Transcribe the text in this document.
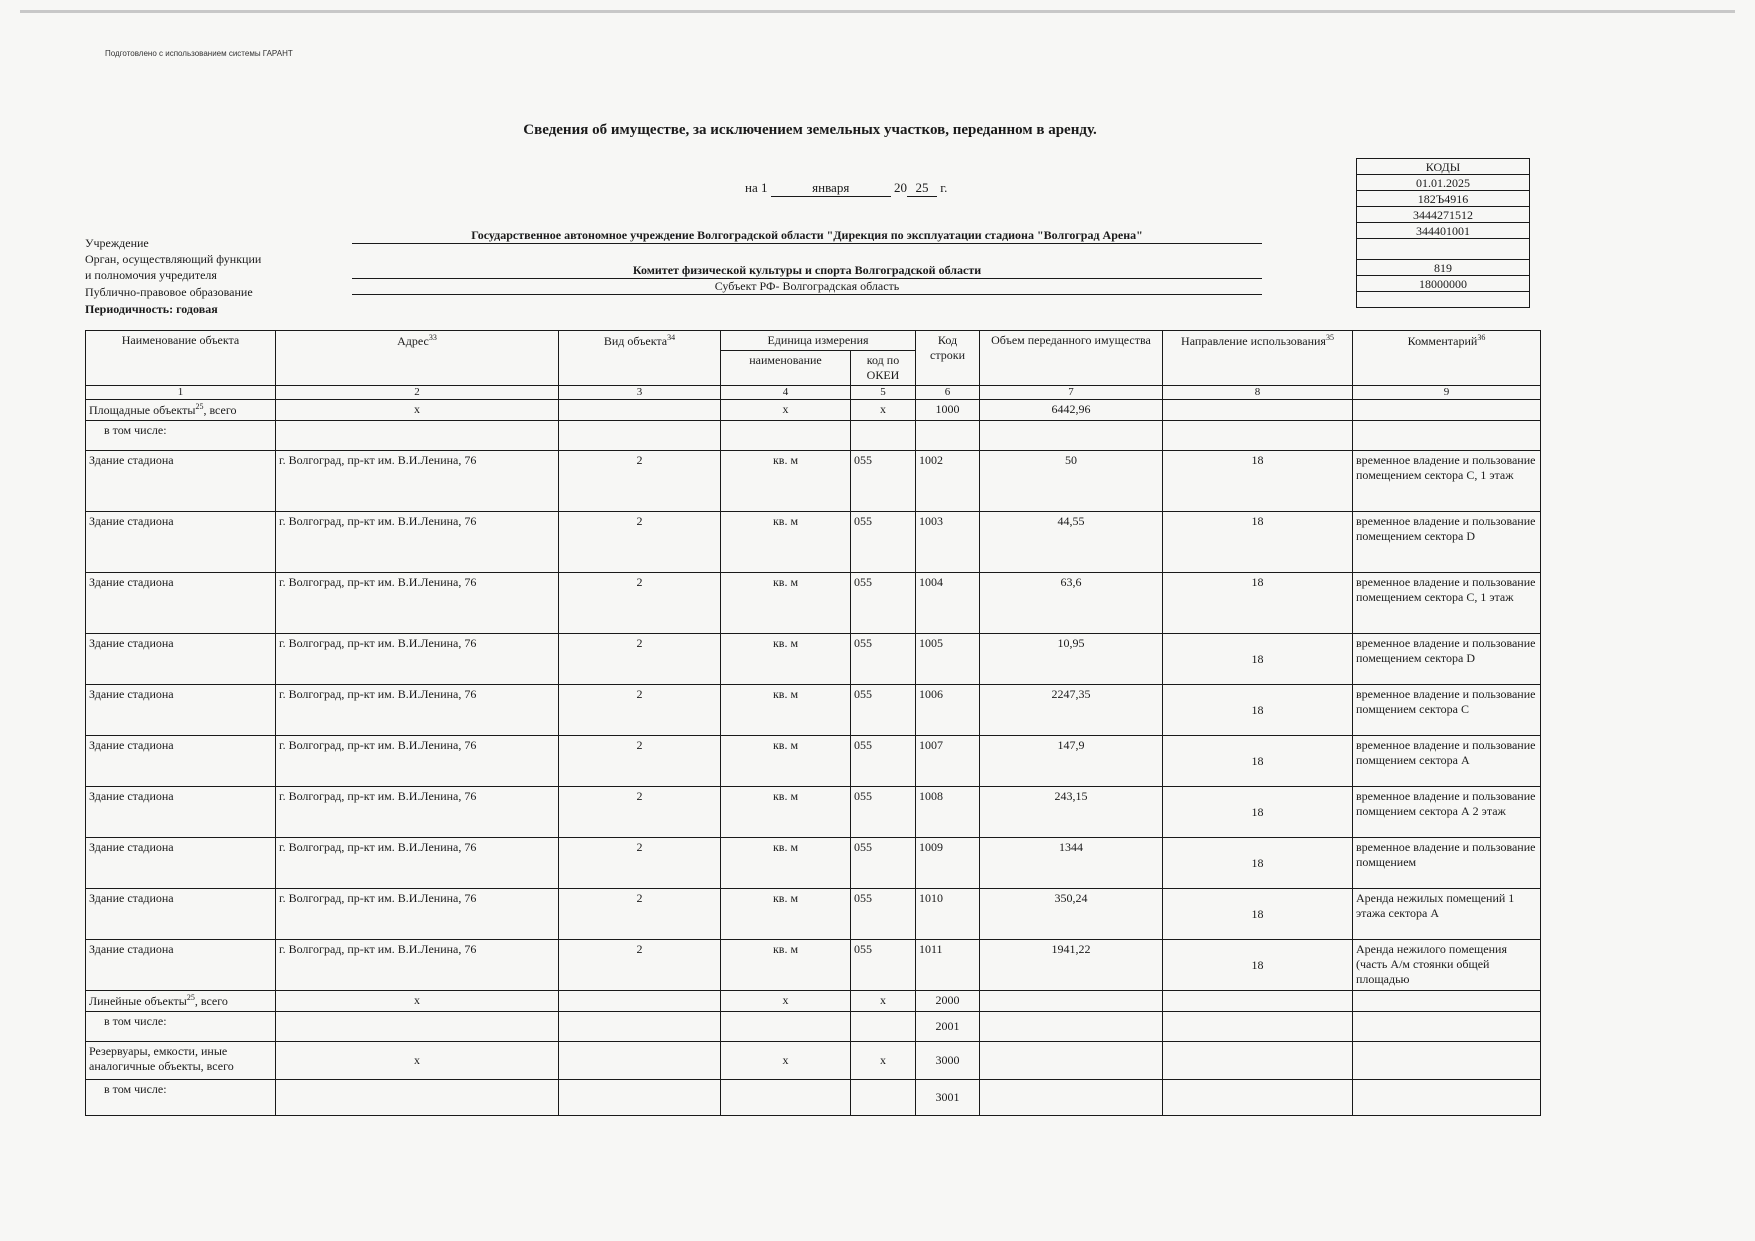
Подготовлено с использованием системы ГАРАНТ
Сведения об имуществе, за исключением земельных участков, переданном в аренду.
на 1	января	20 25 г.
Учреждение
Государственное автономное учреждение Волгоградской области "Дирекция по эксплуатации стадиона "Волгоград Арена"
Орган, осуществляющий функции
и полномочия учредителя	Комитет физической культуры и спорта Волгоградской области
Публично-правовое образование	Субъект РФ- Волгоградская область
Периодичность: годовая
КОДЫ
01.01.2025
182Ъ4916
3444271512
344401001

819
18000000

Наименование объекта	Адрес$^{33}$	Вид объекта$^{34}$	Единица измерения		Код строки	Объем переданного имущества	Направление использования$^{35}$	Комментарий$^{36}$
			наименование	код по ОКЕИ				
1	2	3	4	5	6	7	8	9
Площадные объекты$^{25}$, всего	х		х	х	1000	6442,96		
в том числе:								
Здание стадиона	г. Волгоград, пр-кт им. В.И.Ленина, 76	2	кв. м	055	1002	50	18	временное владение и пользование помещением сектора С, 1 этаж
Здание стадиона	г. Волгоград, пр-кт им. В.И.Ленина, 76	2	кв. м	055	1003	44,55	18	временное владение и пользование помещением сектора D
Здание стадиона	г. Волгоград, пр-кт им. В.И.Ленина, 76	2	кв. м	055	1004	63,6	18	временное владение и пользование помещением сектора С, 1 этаж
Здание стадиона	г. Волгоград, пр-кт им. В.И.Ленина, 76	2	кв. м	055	1005	10,95	18	временное владение и пользование помещением сектора D
Здание стадиона	г. Волгоград, пр-кт им. В.И.Ленина, 76	2	кв. м	055	1006	2247,35	18	временное владение и пользование помщением сектора С
Здание стадиона	г. Волгоград, пр-кт им. В.И.Ленина, 76	2	кв. м	055	1007	147,9	18	временное владение и пользование помщением сектора А
Здание стадиона	г. Волгоград, пр-кт им. В.И.Ленина, 76	2	кв. м	055	1008	243,15	18	временное владение и пользование помщением сектора А 2 этаж
Здание стадиона	г. Волгоград, пр-кт им. В.И.Ленина, 76	2	кв. м	055	1009	1344	18	временное владение и пользование помщением
Здание стадиона	г. Волгоград, пр-кт им. В.И.Ленина, 76	2	кв. м	055	1010	350,24	18	Аренда нежилых помещений 1 этажа сектора А
Здание стадиона	г. Волгоград, пр-кт им. В.И.Ленина, 76	2	кв. м	055	1011	1941,22	18	Аренда нежилого помещения (часть А/м стоянки общей площадью
Линейные объекты$^{25}$, всего	х		х	х	2000			
в том числе:					2001			
Резервуары, емкости, иные аналогичные объекты, всего	х		х	х	3000			
в том числе:					3001			
